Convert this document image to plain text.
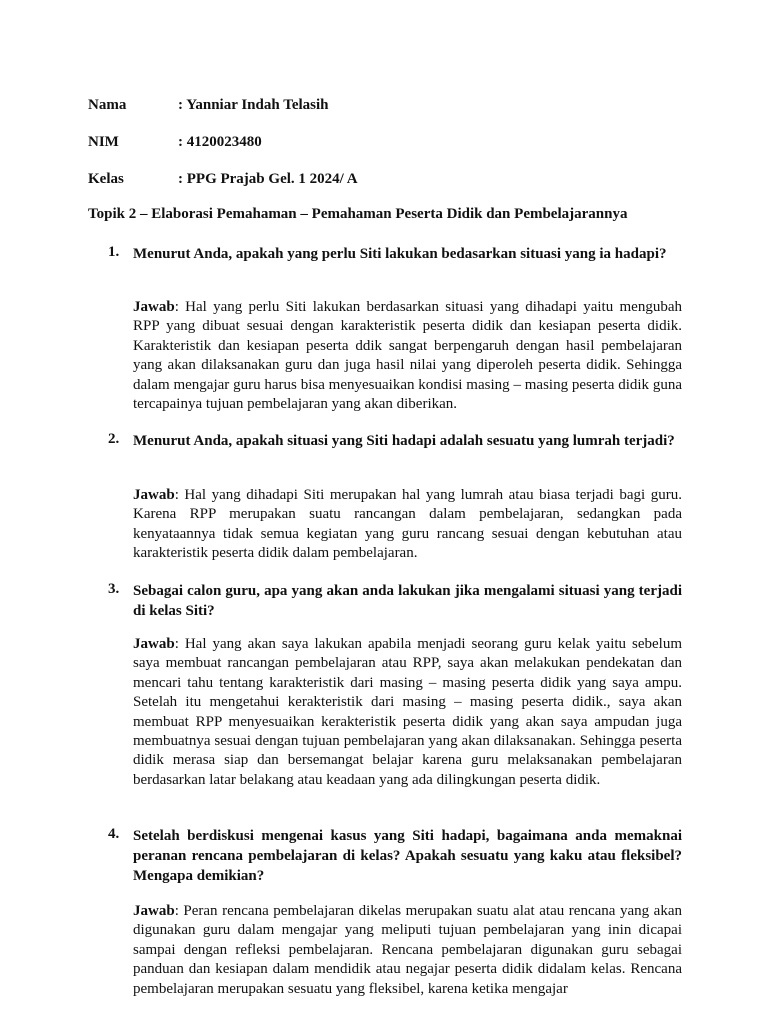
Nama	: Yanniar Indah Telasih
NIM	: 4120023480
Kelas	: PPG Prajab Gel. 1 2024/ A
Topik 2 – Elaborasi Pemahaman – Pemahaman Peserta Didik dan Pembelajarannya
1. Menurut Anda, apakah yang perlu Siti lakukan bedasarkan situasi yang ia hadapi?
Jawab: Hal yang perlu Siti lakukan berdasarkan situasi yang dihadapi yaitu mengubah RPP yang dibuat sesuai dengan karakteristik peserta didik dan kesiapan peserta didik. Karakteristik dan kesiapan peserta ddik sangat berpengaruh dengan hasil pembelajaran yang akan dilaksanakan guru dan juga hasil nilai yang diperoleh peserta didik. Sehingga dalam mengajar guru harus bisa menyesuaikan kondisi masing – masing peserta didik guna tercapainya tujuan pembelajaran yang akan diberikan.
2. Menurut Anda, apakah situasi yang Siti hadapi adalah sesuatu yang lumrah terjadi?
Jawab: Hal yang dihadapi Siti merupakan hal yang lumrah atau biasa terjadi bagi guru. Karena RPP merupakan suatu rancangan dalam pembelajaran, sedangkan pada kenyataannya tidak semua kegiatan yang guru rancang sesuai dengan kebutuhan atau karakteristik peserta didik dalam pembelajaran.
3. Sebagai calon guru, apa yang akan anda lakukan jika mengalami situasi yang terjadi di kelas Siti?
Jawab: Hal yang akan saya lakukan apabila menjadi seorang guru kelak yaitu sebelum saya membuat rancangan pembelajaran atau RPP, saya akan melakukan pendekatan dan mencari tahu tentang karakteristik dari masing – masing peserta didik yang saya ampu. Setelah itu mengetahui kerakteristik dari masing – masing peserta didik., saya akan membuat RPP menyesuaikan kerakteristik peserta didik yang akan saya ampudan juga membuatnya sesuai dengan tujuan pembelajaran yang akan dilaksanakan. Sehingga peserta didik merasa siap dan bersemangat belajar karena guru melaksanakan pembelajaran berdasarkan latar belakang atau keadaan yang ada dilingkungan peserta didik.
4. Setelah berdiskusi mengenai kasus yang Siti hadapi, bagaimana anda memaknai peranan rencana pembelajaran di kelas? Apakah sesuatu yang kaku atau fleksibel? Mengapa demikian?
Jawab: Peran rencana pembelajaran dikelas merupakan suatu alat atau rencana yang akan digunakan guru dalam mengajar yang meliputi tujuan pembelajaran yang inin dicapai sampai dengan refleksi pembelajaran. Rencana pembelajaran digunakan guru sebagai panduan dan kesiapan dalam mendidik atau negajar peserta didik didalam kelas. Rencana pembelajaran merupakan sesuatu yang fleksibel, karena ketika mengajar
